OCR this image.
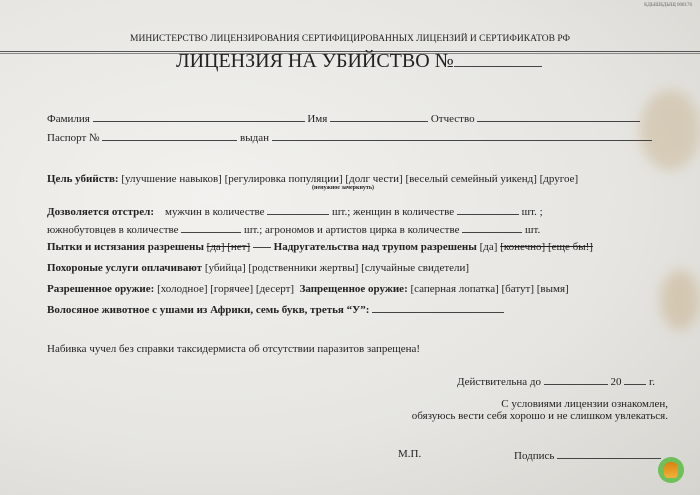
КДЫШБДЫЩ 008176
МИНИСТЕРСТВО ЛИЦЕНЗИРОВАНИЯ СЕРТИФИЦИРОВАННЫХ ЛИЦЕНЗИЙ И СЕРТИФИКАТОВ РФ
ЛИЦЕНЗИЯ НА УБИЙСТВО №
Фамилия	Имя	Отчество
Паспорт №	выдан
Цель убийств: [улучшение навыков] [регулировка популяции] [долг чести] [веселый семейный уикенд] [другое]
(ненужное зачеркнуть)
Дозволяется отстрел: мужчин в количестве	шт.; женщин в количестве	шт. ;
южнобутовцев в количестве	шт.; агрономов и артистов цирка в количестве	шт.
Пытки и истязания разрешены [да] [нет] Надругательства над трупом разрешены [да] [конечно] [еще бы!]
Похороные услуги оплачивают [убийца] [родственники жертвы] [случайные свидетели]
Разрешенное оружие: [холодное] [горячее] [десерт] Запрещенное оружие: [саперная лопатка] [батут] [вымя]
Волосяное животное с ушами из Африки, семь букв, третья “У”:
Набивка чучел без справки таксидермиста об отсутствии паразитов запрещена!
Действительна до	20	г.
С условиями лицензии ознакомлен,
обязуюсь вести себя хорошо и не слишком увлекаться.
М.П.	Подпись
